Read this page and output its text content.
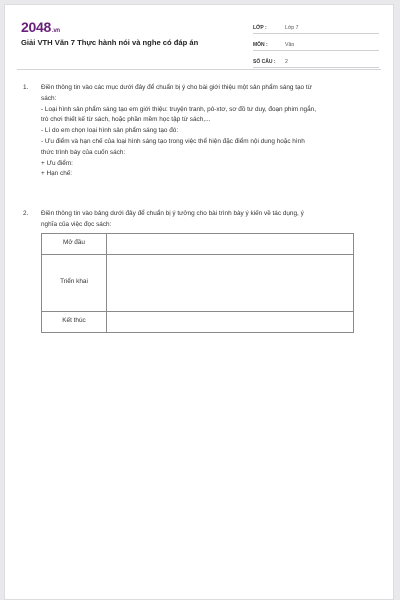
2048.vn
Giải VTH Văn 7 Thực hành nói và nghe có đáp án
LỚP :	Lớp 7
MÔN :	Văn
SỐ CÂU :	2
1. Điền thông tin vào các mục dưới đây để chuẩn bị ý cho bài giới thiệu một sản phẩm sáng tạo từ
sách:
- Loại hình sản phẩm sáng tạo em giới thiệu: truyện tranh, pô-xtơ, sơ đồ tư duy, đoạn phim ngắn,
trò chơi thiết kế từ sách, hoặc phần mềm học tập từ sách,...
- Lí do em chọn loại hình sản phẩm sáng tạo đó:
- Ưu điểm và hạn chế của loại hình sáng tạo trong việc thể hiện đặc điểm nội dung hoặc hình
thức trình bày của cuốn sách:
+ Ưu điểm:
+ Hạn chế:
2. Điền thông tin vào bảng dưới đây để chuẩn bị ý tưởng cho bài trình bày ý kiến về tác dụng, ý
nghĩa của việc đọc sách:
Mở đầu	
Triển khai	
Kết thúc	
